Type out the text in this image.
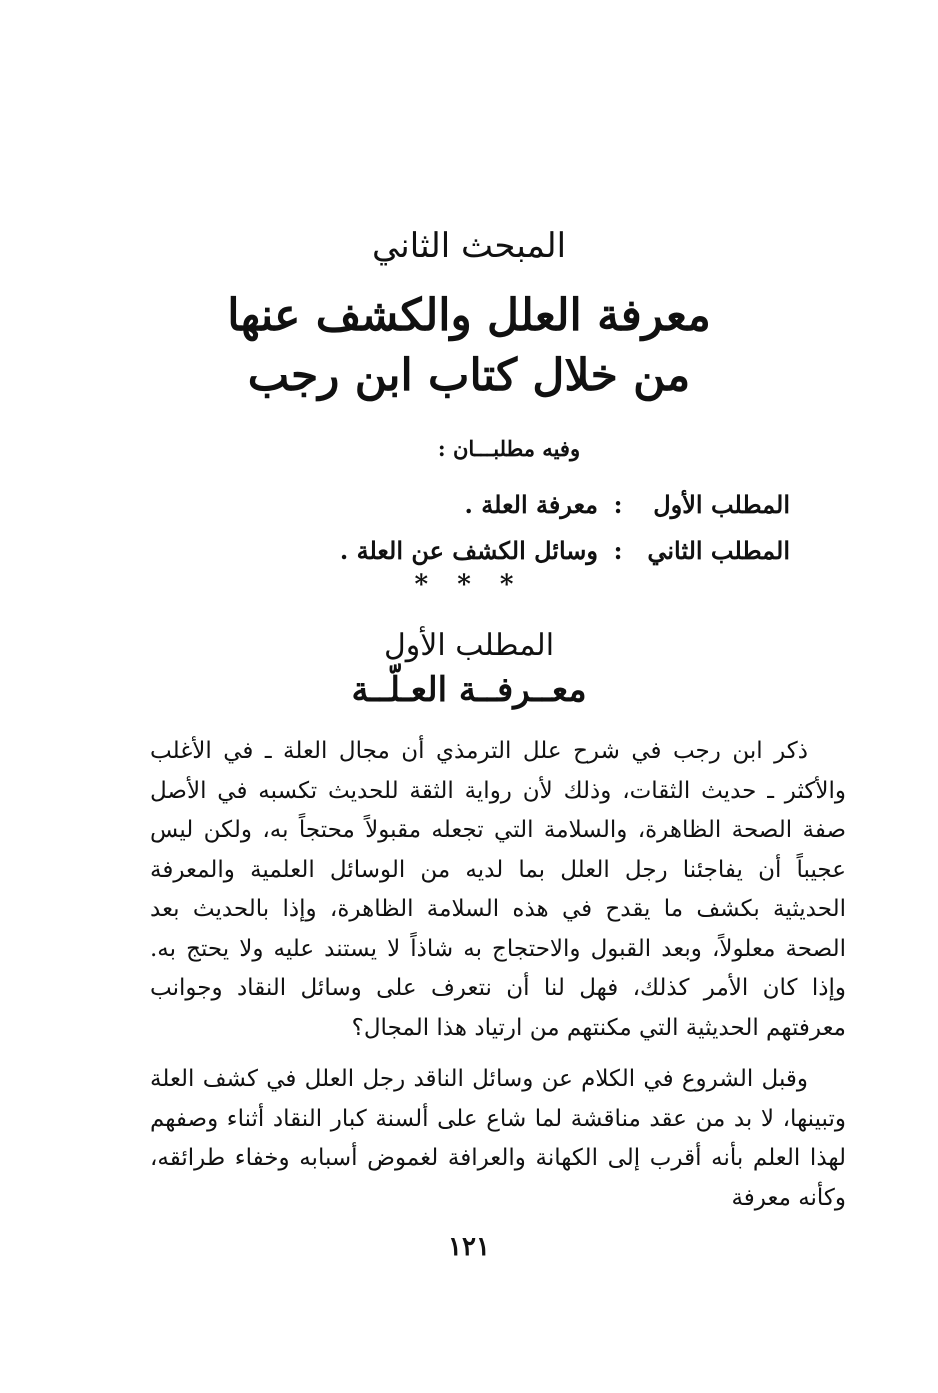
المبحث الثاني
معرفة العلل والكشف عنها
من خلال كتاب ابن رجب
وفيه مطلبـــان :
المطلب الأول:معرفة العلة .
المطلب الثاني:وسائل الكشف عن العلة .
* * *
المطلب الأول
معــرفــة العـلّــة

ذكر ابن رجب في شرح علل الترمذي أن مجال العلة ـ في الأغلب والأكثر ـ حديث الثقات، وذلك لأن رواية الثقة للحديث تكسبه في الأصل صفة الصحة الظاهرة، والسلامة التي تجعله مقبولاً محتجاً به، ولكن ليس عجيباً أن يفاجئنا رجل العلل بما لديه من الوسائل العلمية والمعرفة الحديثية بكشف ما يقدح في هذه السلامة الظاهرة، وإذا بالحديث بعد الصحة معلولاً، وبعد القبول والاحتجاج به شاذاً لا يستند عليه ولا يحتج به. وإذا كان الأمر كذلك، فهل لنا أن نتعرف على وسائل النقاد وجوانب معرفتهم الحديثية التي مكنتهم من ارتياد هذا المجال؟

وقبل الشروع في الكلام عن وسائل الناقد رجل العلل في كشف العلة وتبينها، لا بد من عقد مناقشة لما شاع على ألسنة كبار النقاد أثناء وصفهم لهذا العلم بأنه أقرب إلى الكهانة والعرافة لغموض أسبابه وخفاء طرائقه، وكأنه معرفة

١٢١
